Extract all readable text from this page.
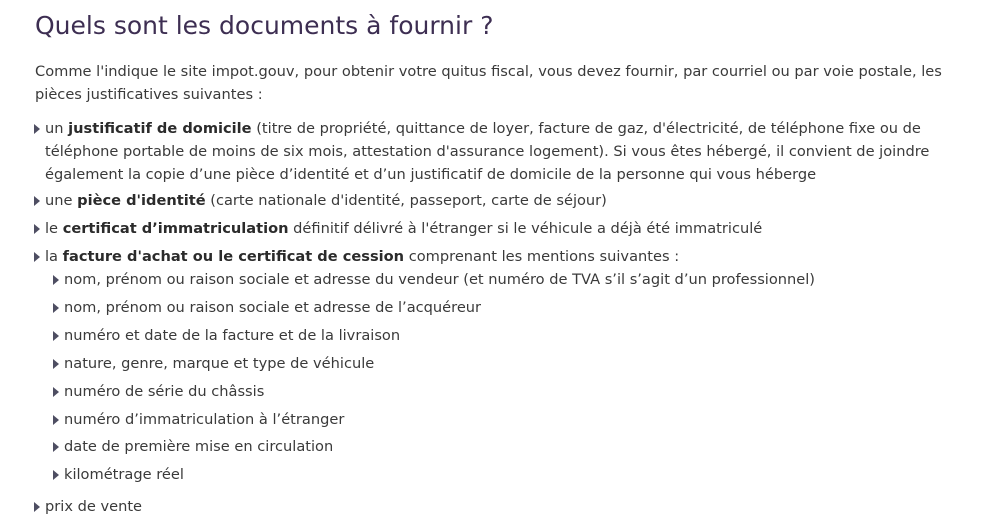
Quels sont les documents à fournir ?

Comme l'indique le site impot.gouv, pour obtenir votre quitus fiscal, vous devez fournir, par courriel ou par voie postale, les pièces justificatives suivantes :

un justificatif de domicile (titre de propriété, quittance de loyer, facture de gaz, d'électricité, de téléphone fixe ou de téléphone portable de moins de six mois, attestation d'assurance logement). Si vous êtes hébergé, il convient de joindre également la copie d’une pièce d’identité et d’un justificatif de domicile de la personne qui vous héberge

une pièce d'identité (carte nationale d'identité, passeport, carte de séjour)

le certificat d’immatriculation définitif délivré à l'étranger si le véhicule a déjà été immatriculé

la facture d'achat ou le certificat de cession comprenant les mentions suivantes :

nom, prénom ou raison sociale et adresse du vendeur (et numéro de TVA s’il s’agit d’un professionnel)

nom, prénom ou raison sociale et adresse de l’acquéreur

numéro et date de la facture et de la livraison

nature, genre, marque et type de véhicule

numéro de série du châssis

numéro d’immatriculation à l’étranger

date de première mise en circulation

kilométrage réel

prix de vente
